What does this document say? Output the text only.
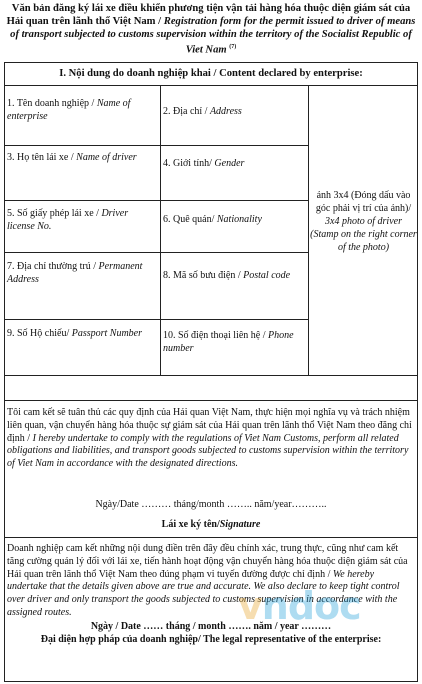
Văn bản đăng ký lái xe điều khiển phương tiện vận tải hàng hóa thuộc diện giám sát của Hải quan trên lãnh thổ Việt Nam / Registration form for the permit issued to driver of means of transport subjected to customs supervision within the territory of the Socialist Republic of Viet Nam $^{(7)}$
I. Nội dung do doanh nghiệp khai / Content declared by enterprise:
1. Tên doanh nghiệp / Name of enterprise
3. Họ tên lái xe / Name of driver
5. Số giấy phép lái xe / Driver license No.
7. Địa chỉ thường trú / Permanent Address
9. Số Hộ chiếu/ Passport Number
2. Địa chỉ / Address
4. Giới tính/ Gender
6. Quê quán/ Nationality
8. Mã số bưu điện / Postal code
10. Số điện thoại liên hệ / Phone number
ảnh 3x4 (Đóng dấu vào góc phải vị trí của ảnh)/ 3x4 photo of driver (Stamp on the right corner of the photo)
Tôi cam kết sẽ tuân thủ các quy định của Hải quan Việt Nam, thực hiện mọi nghĩa vụ và trách nhiệm liên quan, vận chuyển hàng hóa thuộc sự giám sát của Hải quan trên lãnh thổ Việt Nam theo đăng chỉ định / I hereby undertake to comply with the regulations of Viet Nam Customs, perform all related obligations and liabilities, and transport goods subjected to customs supervision within the territory of Viet Nam in accordance with the designated directions.
Ngày/Date ……… tháng/month …….. năm/year………..
Lái xe ký tên/Signature
Doanh nghiệp cam kết những nội dung điền trên đây đều chính xác, trung thực, cũng như cam kết tăng cường quản lý đối với lái xe, tiến hành hoạt động vận chuyển hàng hóa thuộc diện giám sát của Hải quan trên lãnh thổ Việt Nam theo đúng phạm vi tuyến đường được chỉ định / We hereby undertake that the details given above are true and accurate. We also declare to keep tight control over driver and only transport the goods subjected to customs supervision in accordance with the assigned routes.
Ngày / Date …… tháng / month ……. năm / year ………
Đại diện hợp pháp của doanh nghiệp/ The legal representative of the enterprise:
vndoc
